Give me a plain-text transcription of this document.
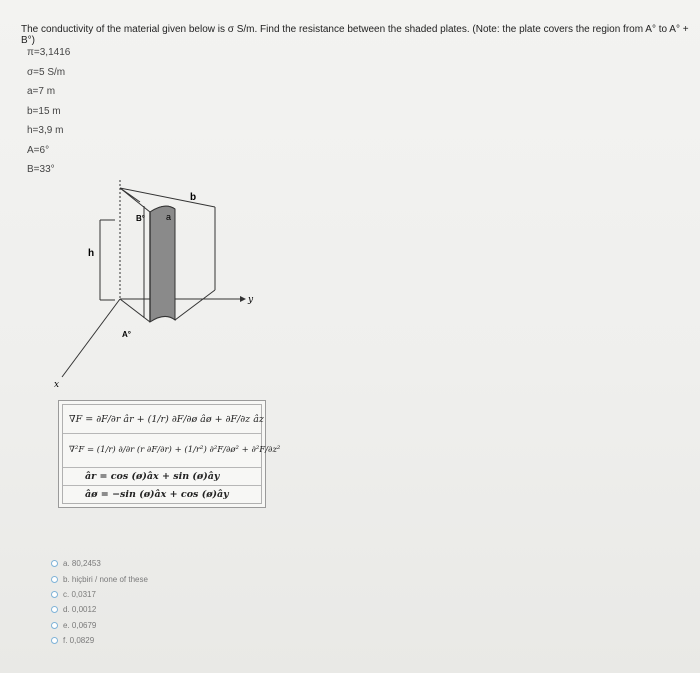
The conductivity of the material given below is σ S/m. Find the resistance between the shaded plates. (Note: the plate covers the region from A° to A° + B°)
π=3,1416
σ=5 S/m
a=7 m
b=15 m
h=3,9 m
A=6°
B=33°
b
a
h
B°
A°
x
y
∇F = ∂F/∂r âr + (1/r) ∂F/∂ø âø + ∂F/∂z âz
∇²F = (1/r) ∂/∂r (r ∂F/∂r) + (1/r²) ∂²F/∂ø² + ∂²F/∂z²
âr = cos (ø)âx + sin (ø)ây
âø = −sin (ø)âx + cos (ø)ây
a. 80,2453
b. hiçbiri / none of these
c. 0,0317
d. 0,0012
e. 0,0679
f. 0,0829
